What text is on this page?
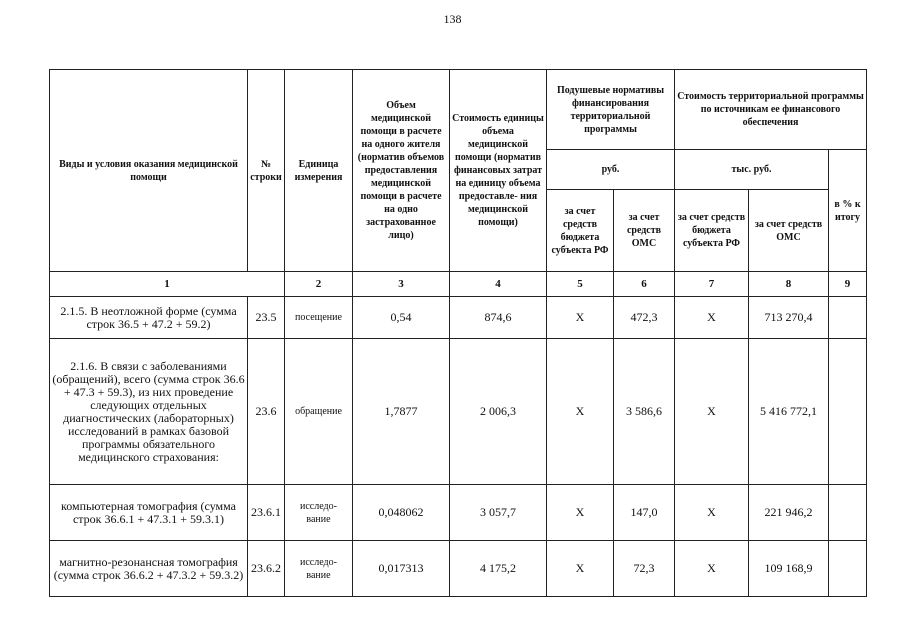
138
Виды и условия оказания медицинской помощи	№ строки	Единица измерения	Объем медицинской помощи в расчете на одного жителя (норматив объемов предоставления медицинской помощи в расчете на одно застрахованное лицо)	Стоимость единицы объема медицинской помощи (норматив финансовых затрат на единицу объема предоставле- ния медицинской помощи)	Подушевые нормативы финансирования территориальной программы		Стоимость территориальной программы по источникам ее финансового обеспечения		
					руб.		тыс. руб.		в % к итогу
					за счет средств бюджета субъекта РФ	за счет средств ОМС	за счет средств бюджета субъекта РФ	за счет средств ОМС	
1		2	3	4	5	6	7	8	9
2.1.5. В неотложной форме (сумма строк 36.5 + 47.2 + 59.2)	23.5	посещение	0,54	874,6	Х	472,3	Х	713 270,4	
2.1.6. В связи с заболеваниями (обращений), всего (сумма строк 36.6 + 47.3 + 59.3), из них проведение следующих отдельных диагностических (лабораторных) исследований в рамках базовой программы обязательного медицинского страхования:	23.6	обращение	1,7877	2 006,3	Х	3 586,6	Х	5 416 772,1	
компьютерная томография (сумма строк 36.6.1 + 47.3.1 + 59.3.1)	23.6.1	исследо- вание	0,048062	3 057,7	Х	147,0	Х	221 946,2	
магнитно-резонансная томография (сумма строк 36.6.2 + 47.3.2 + 59.3.2)	23.6.2	исследо- вание	0,017313	4 175,2	Х	72,3	Х	109 168,9	
